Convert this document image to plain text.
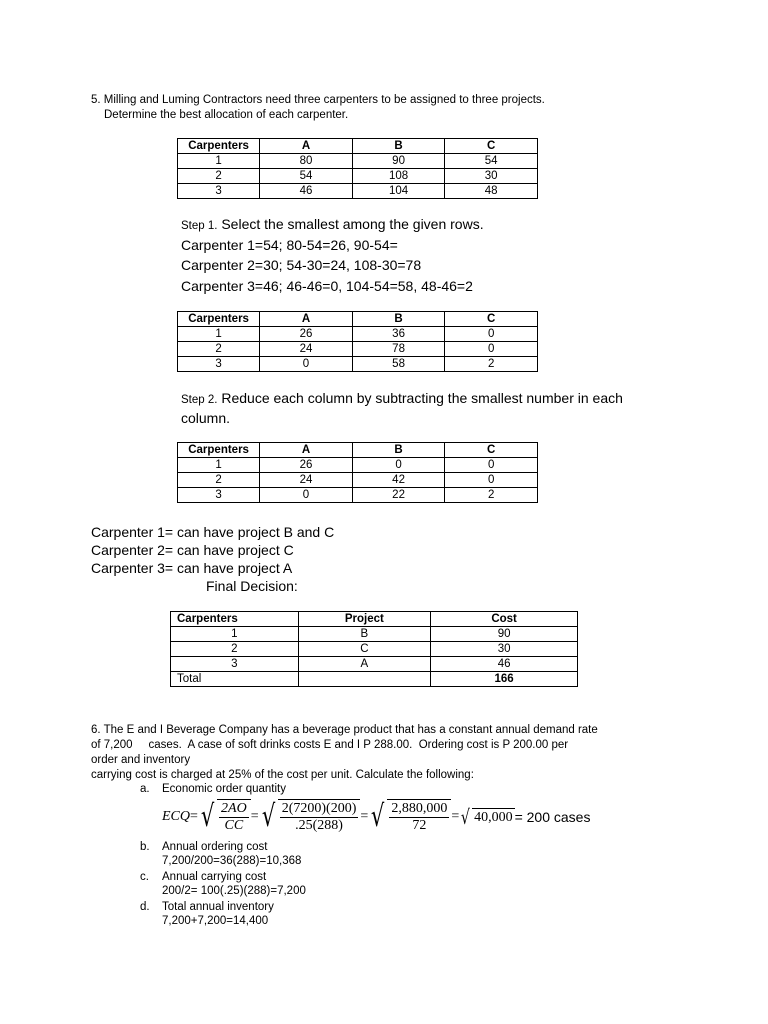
5. Milling and Luming Contractors need three carpenters to be assigned to three projects.
Determine the best allocation of each carpenter.
Carpenters	A	B	C
1	80	90	54
2	54	108	30
3	46	104	48
Step 1. Select the smallest among the given rows.
Carpenter 1=54; 80-54=26, 90-54=
Carpenter 2=30; 54-30=24, 108-30=78
Carpenter 3=46; 46-46=0, 104-54=58, 48-46=2
Carpenters	A	B	C
1	26	36	0
2	24	78	0
3	0	58	2
Step 2. Reduce each column by subtracting the smallest number in each
column.
Carpenters	A	B	C
1	26	0	0
2	24	42	0
3	0	22	2
Carpenter 1= can have project B and C
Carpenter 2= can have project C
Carpenter 3= can have project A
Final Decision:
Carpenters	Project	Cost
1	B	90
2	C	30
3	A	46
Total		166
6. The E and I Beverage Company has a beverage product that has a constant annual demand rate
of 7,200     cases.  A case of soft drinks costs E and I P 288.00.  Ordering cost is P 200.00 per
order and inventory
carrying cost is charged at 25% of the cost per unit. Calculate the following:
a. Economic order quantity
ECQ = √ $\frac{2AO}{CC}$ = √ $\frac{2(7200)(200)}{.25(288)}$ = √ $\frac{2,880,000}{72}$ = √ 40,000 = 200 cases
b. Annual ordering cost
7,200/200=36(288)=10,368
c. Annual carrying cost
200/2= 100(.25)(288)=7,200
d. Total annual inventory
7,200+7,200=14,400
